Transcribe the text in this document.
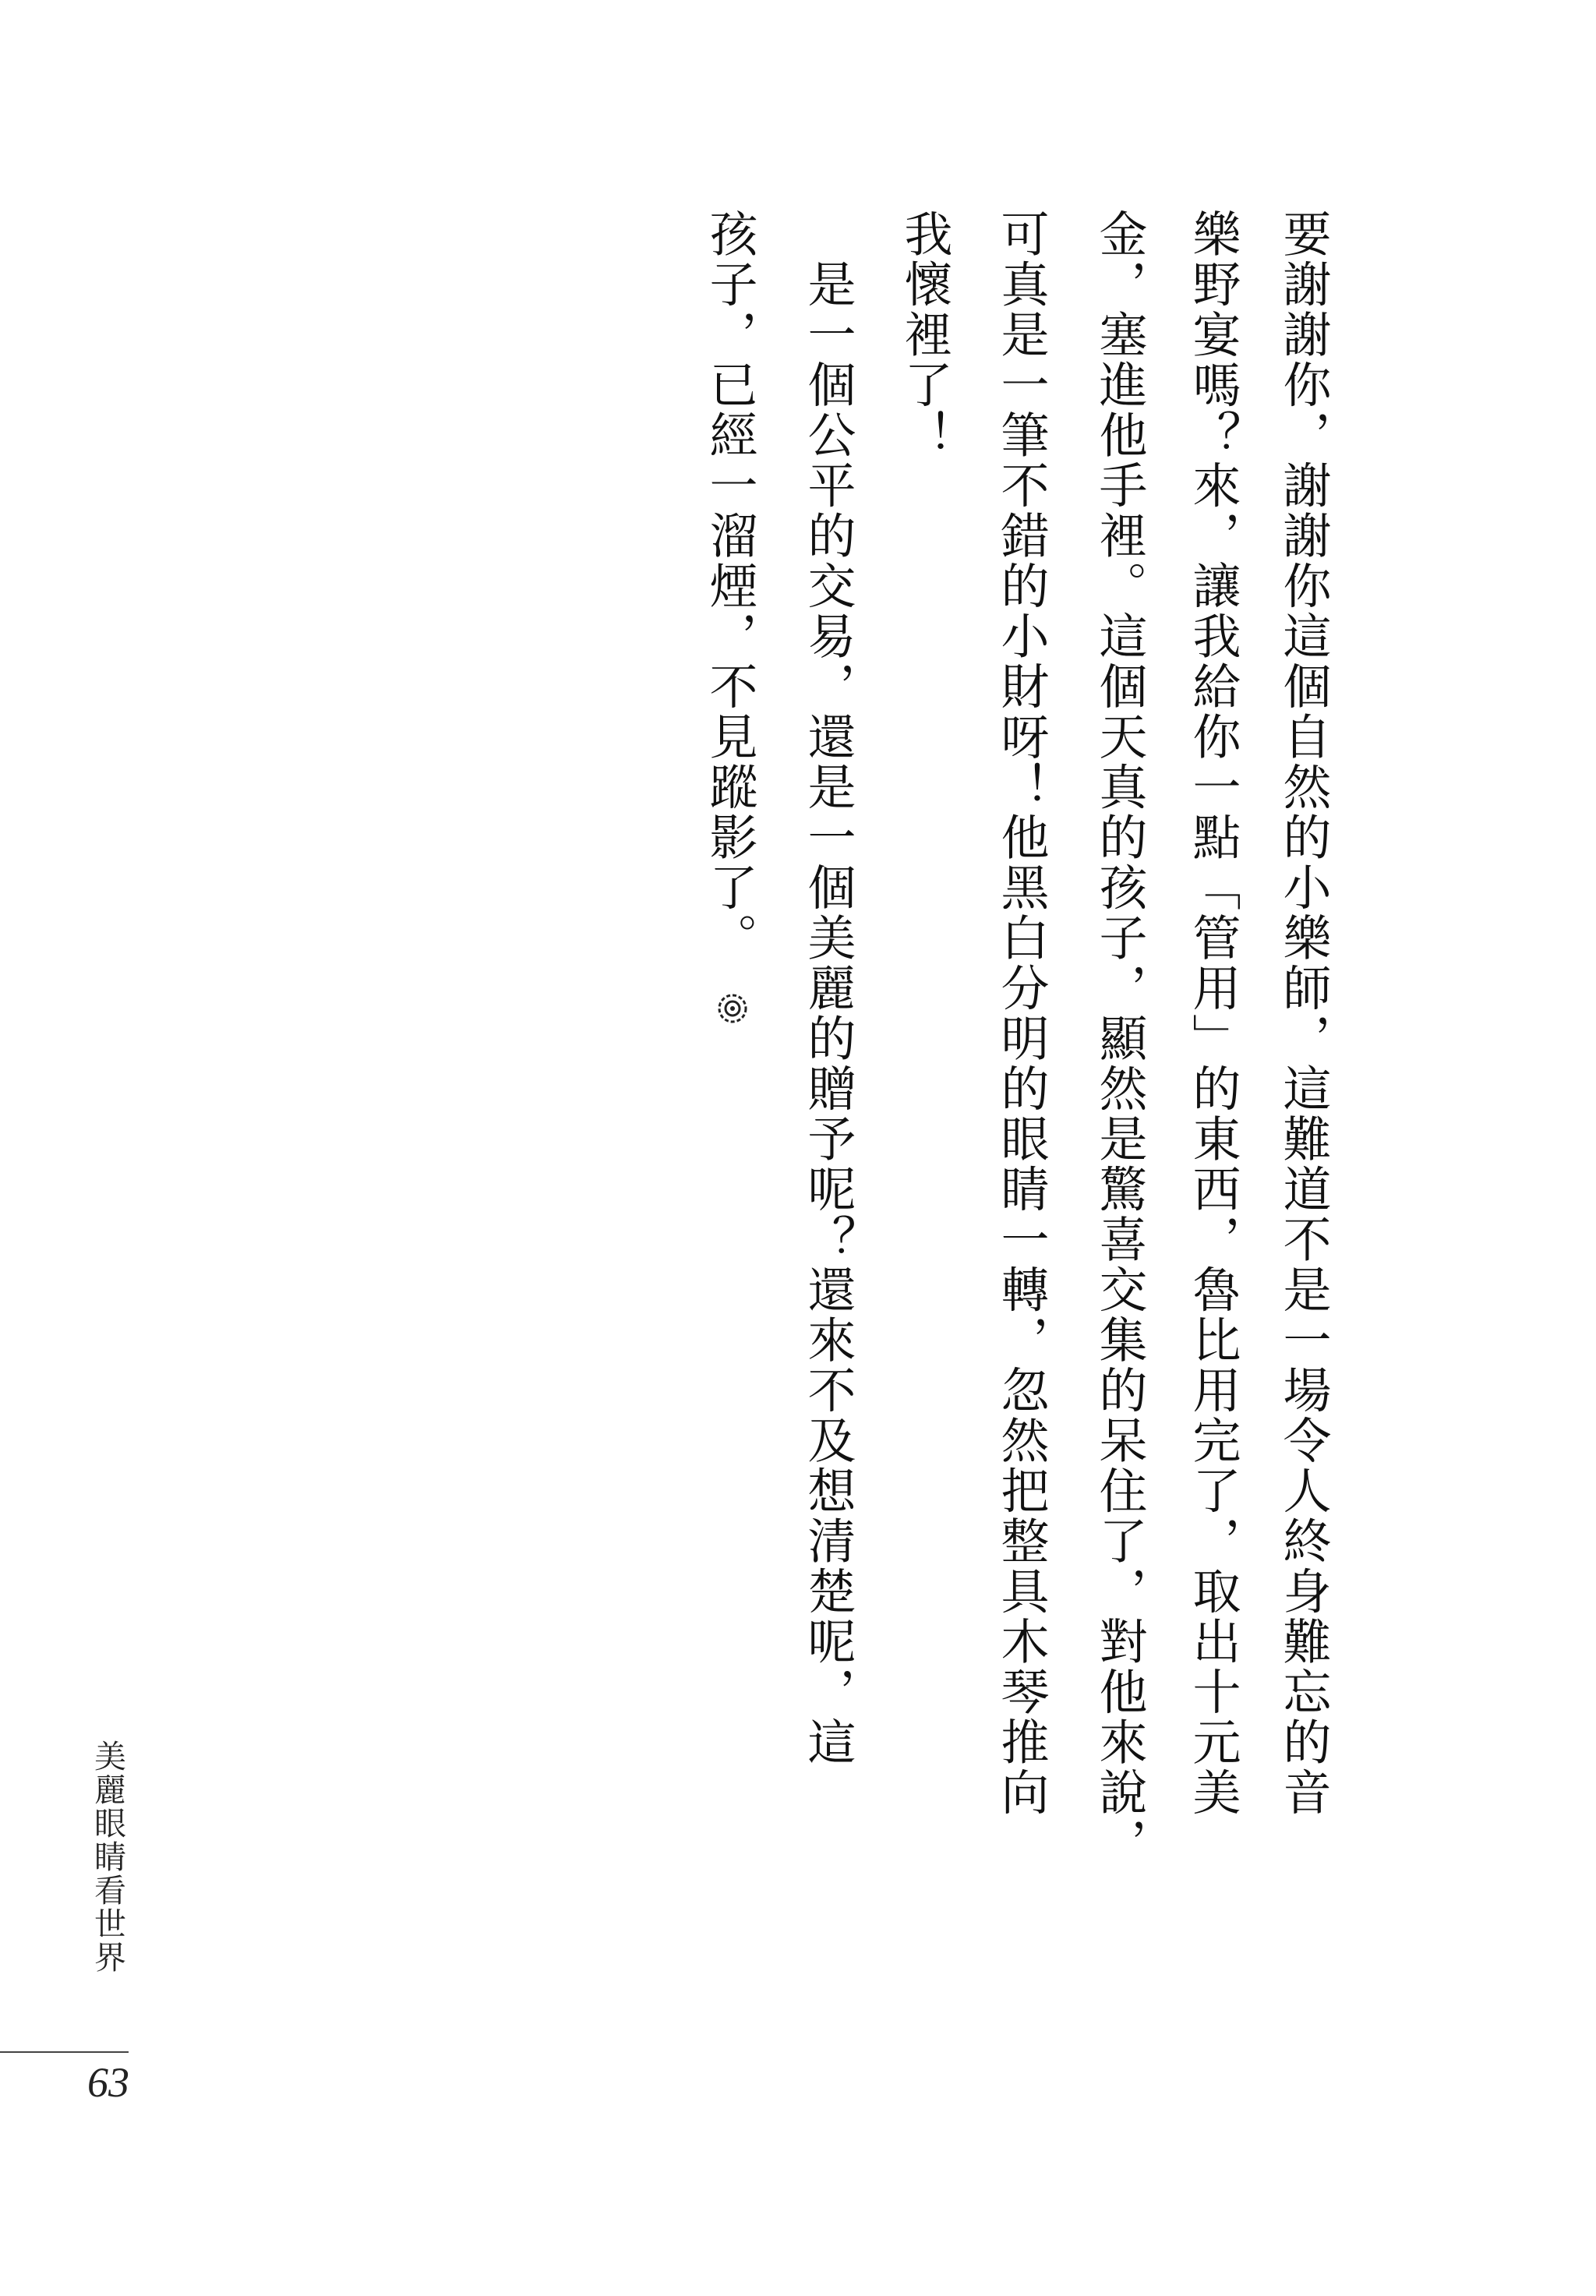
要謝謝你，謝謝你這個自然的小樂師，這難道不是一場令人終身難忘的音
樂野宴嗎？來，讓我給你一點「管用」的東西，魯比用完了，取出十元美
金，塞進他手裡。這個天真的孩子，顯然是驚喜交集的呆住了，對他來說，
可真是一筆不錯的小財呀！他黑白分明的眼睛一轉，忽然把整具木琴推向
我懷裡了！
　是一個公平的交易，還是一個美麗的贈予呢？還來不及想清楚呢，這
孩子，已經一溜煙，不見蹤影了。
美麗眼睛看世界
63
